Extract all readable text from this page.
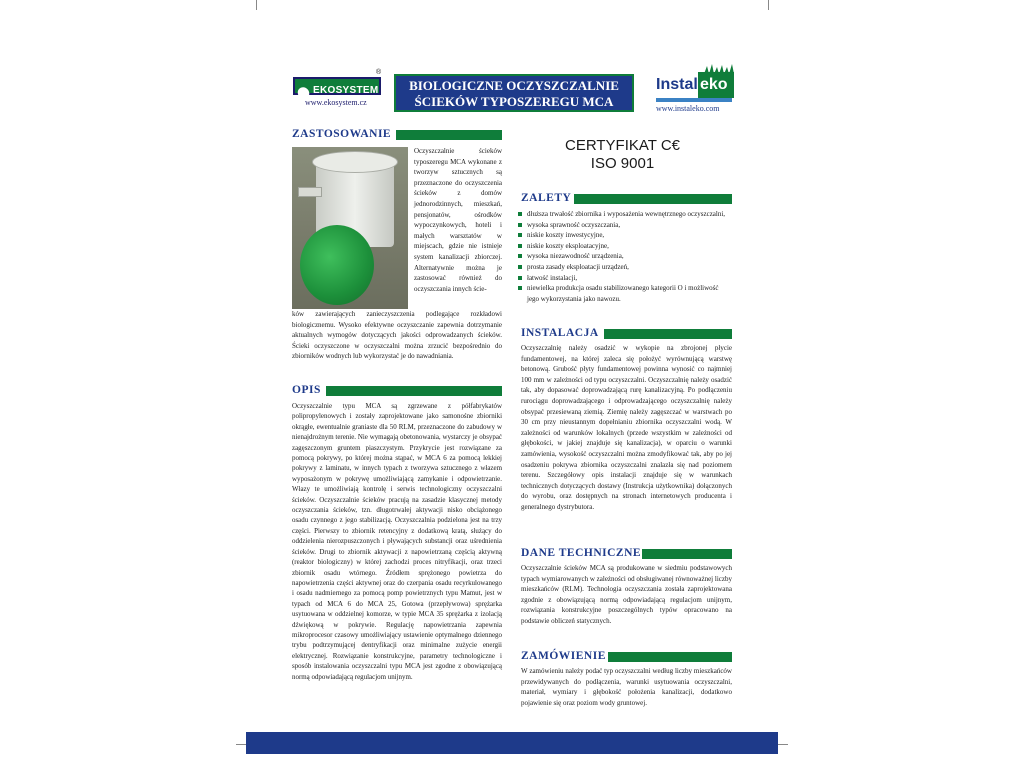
EKOSYSTEM
®
www.ekosystem.cz
BIOLOGICZNE OCZYSZCZALNIE
ŚCIEKÓW TYPOSZEREGU MCA
Instal eko
www.instaleko.com
ZASTOSOWANIE
Oczyszczalnie ścieków typoszeregu MCA wykonane z tworzyw sztucznych są przeznaczone do oczyszczenia ścieków z domów jednorodzinnych, mieszkań, pensjonatów, ośrodków wypoczynkowych, hoteli i małych warsztatów w miejscach, gdzie nie istnieje system kanalizacji zbiorczej. Alternatywnie można je zastosować również do oczyszczania innych ście-
ków zawierających zanieczyszczenia podlegające rozkładowi biologicznemu. Wysoko efektywne oczyszczanie zapewnia dotrzymanie aktualnych wymogów dotyczących jakości odprowadzanych ścieków. Ścieki oczyszczone w oczyszczalni można zrzucić bezpośrednio do zbiorników wodnych lub wykorzystać je do nawadniania.
OPIS
Oczyszczalnie typu MCA są zgrzewane z półfabrykatów polipropylenowych i zostały zaprojektowane jako samonośne zbiorniki okrągłe, ewentualnie graniaste dla 50 RLM, przeznaczone do zabudowy w nienajdrożnym terenie. Nie wymagają obetonowania, wystarczy je obsypać zagęszczonym gruntem piaszczystym. Przykrycie jest rozwiązane za pomocą pokrywy, po której można stąpać, w MCA 6 za pomocą lekkiej pokrywy z laminatu, w innych typach z tworzywa sztucznego z włazem wyposażonym w pokrywę umożliwiającą zamykanie i odpowietrzanie. Włazy te umożliwiają kontrolę i serwis technologiczny oczyszczalni ścieków. Oczyszczalnie ścieków pracują na zasadzie klasycznej metody oczyszczania ścieków, tzn. długotrwałej aktywacji nisko obciążonego osadu czynnego z jego stabilizacją. Oczyszczalnia podzielona jest na trzy części. Pierwszy to zbiornik retencyjny z dodatkową kratą, służący do oddzielenia nierozpuszczonych i pływających substancji oraz uśrednienia ścieków. Drugi to zbiornik aktywacji z napowietrzaną częścią aktywną (reaktor biologiczny) w której zachodzi proces nitryfikacji, oraz trzeci zbiornik osadu wtórnego. Źródłem sprężonego powietrza do napowietrzenia części aktywnej oraz do czerpania osadu recyrkulowanego i osadu nadmiernego za pomocą pomp powietrznych typu Mamut, jest w typach od MCA 6 do MCA 25, Gotowa (przepływowa) sprężarka usytuowana w oddzielnej komorze, w typie MCA 35 sprężarka z izolacją dźwiękową w pokrywie. Regulację napowietrzania zapewnia mikroprocesor czasowy umożliwiający ustawienie optymalnego dziennego trybu podtrzymującej dentryfikacji oraz minimalne zużycie energii elektrycznej. Rozwiązanie konstrukcyjne, parametry technologiczne i sposób instalowania oczyszczalni typu MCA jest zgodne z obowiązującą normą odpowiadającą regulacjom unijnym.
CERTYFIKAT C€
ISO 9001
ZALETY
dłuższa trwałość zbiornika i wyposażenia wewnętrznego oczyszczalni,
wysoka sprawność oczyszczania,
niskie koszty inwestycyjne,
niskie koszty eksploatacyjne,
wysoka niezawodność urządzenia,
prosta zasady eksploatacji urządzeń,
łatwość instalacji,
niewielka produkcja osadu stabilizowanego kategorii O i możliwość jego wykorzystania jako nawozu.
INSTALACJA
Oczyszczalnię należy osadzić w wykopie na zbrojonej płycie fundamentowej, na której zaleca się położyć wyrównującą warstwę betonową. Grubość płyty fundamentowej powinna wynosić co najmniej 100 mm w zależności od typu oczyszczalni. Oczyszczalnię należy osadzić tak, aby dopasować doprowadzającą rurę kanalizacyjną. Po podłączeniu rurociągu doprowadzającego i odprowadzającego oczyszczalnię należy obsypać przesiewaną ziemią. Ziemię należy zagęszczać w warstwach po 30 cm przy nieustannym dopełnianiu zbiornika oczyszczalni wodą. W zależności od warunków lokalnych (przede wszystkim w zależności od głębokości, w jakiej znajduje się kanalizacja), w oparciu o warunki zamówienia, wysokość oczyszczalni można zmodyfikować tak, aby po jej osadzeniu pokrywa zbiornika oczyszczalni znalazła się nad poziomem terenu. Szczegółowy opis instalacji znajduje się w warunkach technicznych dotyczących dostawy (Instrukcja użytkownika) dołączonych do wyrobu, oraz dostępnych na stronach internetowych producenta i generalnego dystrybutora.
DANE TECHNICZNE
Oczyszczalnie ścieków MCA są produkowane w siedmiu podstawowych typach wymiarowanych w zależności od obsługiwanej równoważnej liczby mieszkańców (RLM). Technologia oczyszczania została zaprojektowana zgodnie z obowiązującą normą odpowiadającą regulacjom unijnym, rozwiązania konstrukcyjne poszczególnych typów opracowano na podstawie obliczeń statycznych.
ZAMÓWIENIE
W zamówieniu należy podać typ oczyszczalni według liczby mieszkańców przewidywanych do podłączenia, warunki usytuowania oczyszczalni, materiał, wymiary i głębokość położenia kanalizacji, dodatkowo pojawienie się oraz poziom wody gruntowej.
